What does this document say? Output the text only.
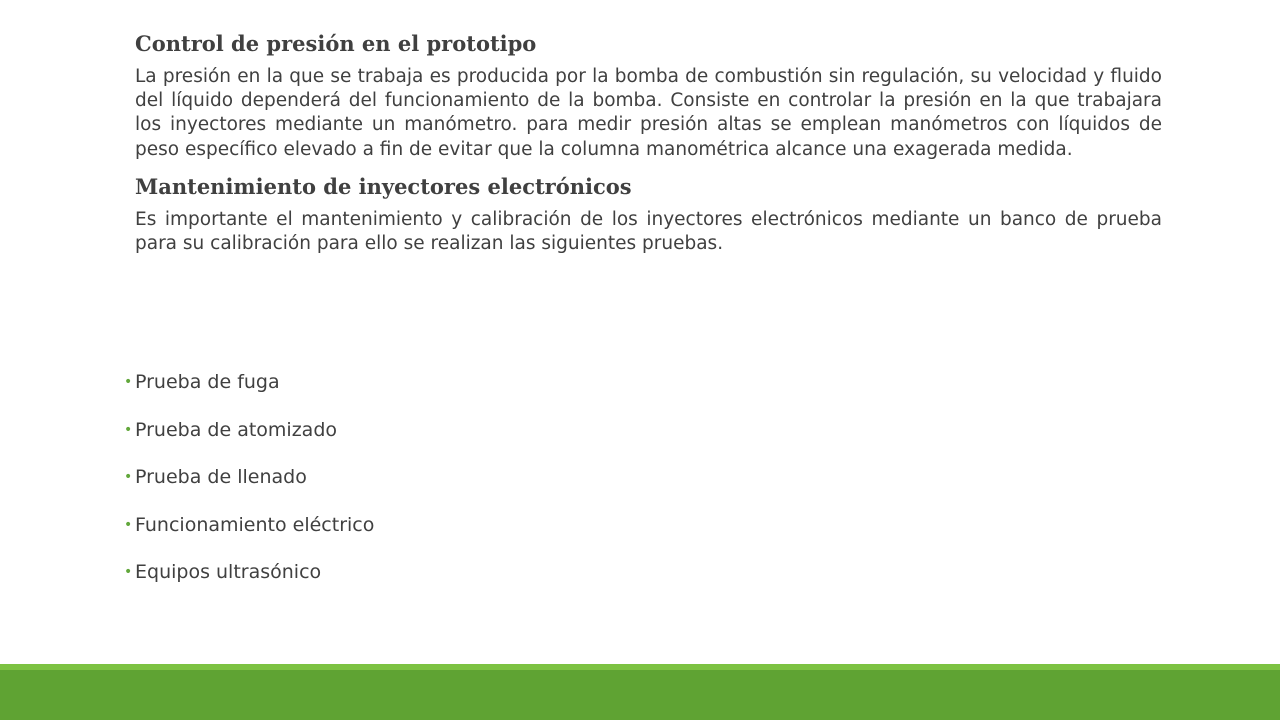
Control de presión en el prototipo

La presión en la que se trabaja es producida por la bomba de combustión sin regulación, su velocidad y fluido del líquido dependerá del funcionamiento de la bomba. Consiste en controlar la presión en la que trabajara los inyectores mediante un manómetro. para medir presión altas se emplean manómetros con líquidos de peso específico elevado a fin de evitar que la columna manométrica alcance una exagerada medida.

Mantenimiento de inyectores electrónicos

Es importante el mantenimiento y calibración de los inyectores electrónicos mediante un banco de prueba para su calibración para ello se realizan las siguientes pruebas.

• Prueba de fuga
• Prueba de atomizado
• Prueba de llenado
• Funcionamiento eléctrico
• Equipos ultrasónico
